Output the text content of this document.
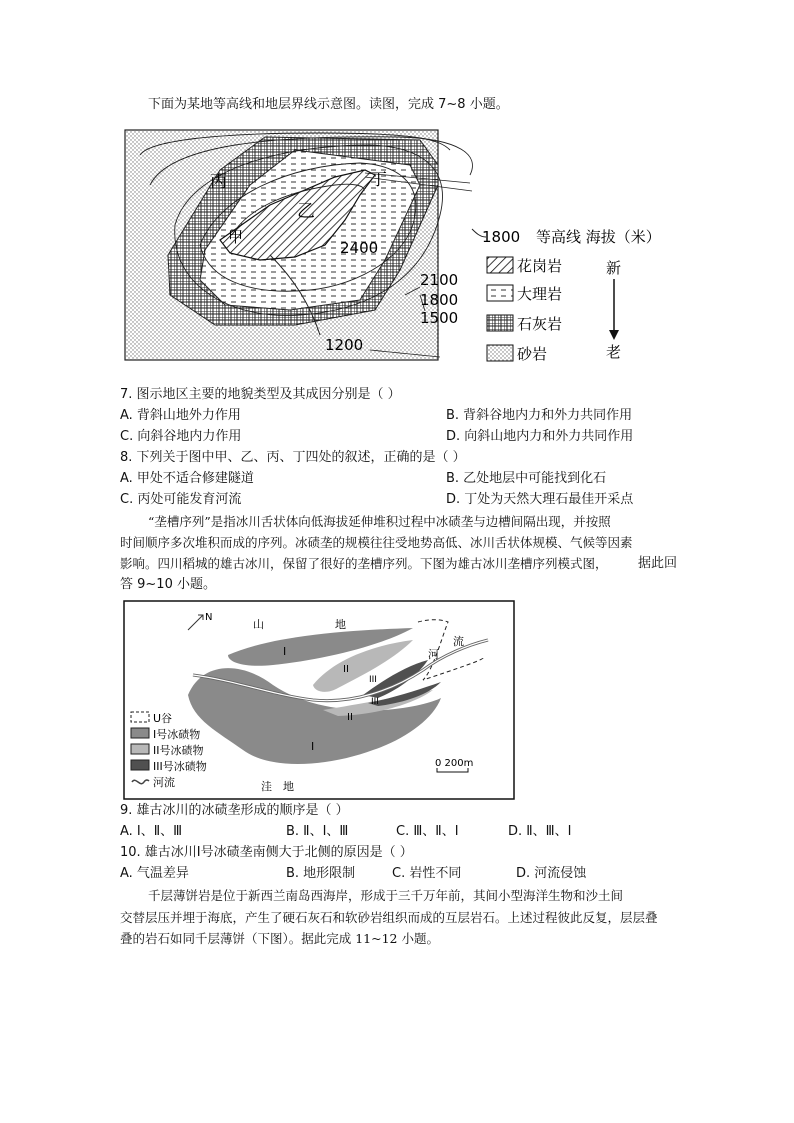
下面为某地等高线和地层界线示意图。读图，完成 7~8 小题。
丙	丁
乙
甲
2400
2100
1800
1500
1200
1800 等高线 海拔（米）
花岗岩
大理岩
石灰岩
砂岩
新
老
7. 图示地区主要的地貌类型及其成因分别是（ ）
A. 背斜山地外力作用	B. 背斜谷地内力和外力共同作用
C. 向斜谷地内力作用	D. 向斜山地内力和外力共同作用
8. 下列关于图中甲、乙、丙、丁四处的叙述，正确的是（ ）
A. 甲处不适合修建隧道	B. 乙处地层中可能找到化石
C. 丙处可能发育河流	D. 丁处为天然大理石最佳开采点
“垄槽序列”是指冰川舌状体向低海拔延伸堆积过程中冰碛垄与边槽间隔出现，并按照
时间顺序多次堆积而成的序列。冰碛垄的规模往往受地势高低、冰川舌状体规模、气候等因素
影响。四川稻城的雄古冰川，保留了很好的垄槽序列。下图为雄古冰川垄槽序列模式图， 据此回
答 9~10 小题。
N
山	地
河
流
I
II
III
III
II
I
U谷
I号冰碛物
II号冰碛物
III号冰碛物
河流	洼 地
0 200m
9. 雄古冰川的冰碛垄形成的顺序是（ ）
A. Ⅰ、Ⅱ、Ⅲ	B. Ⅱ、Ⅰ、Ⅲ	C. Ⅲ、Ⅱ、Ⅰ	D. Ⅱ、Ⅲ、Ⅰ
10. 雄古冰川Ⅰ号冰碛垄南侧大于北侧的原因是（ ）
A. 气温差异	B. 地形限制	C. 岩性不同	D. 河流侵蚀
千层薄饼岩是位于新西兰南岛西海岸，形成于三千万年前，其间小型海洋生物和沙土间
交替层压并埋于海底，产生了硬石灰石和软砂岩组织而成的互层岩石。上述过程彼此反复，层层叠
叠的岩石如同千层薄饼（下图）。据此完成 11~12 小题。
